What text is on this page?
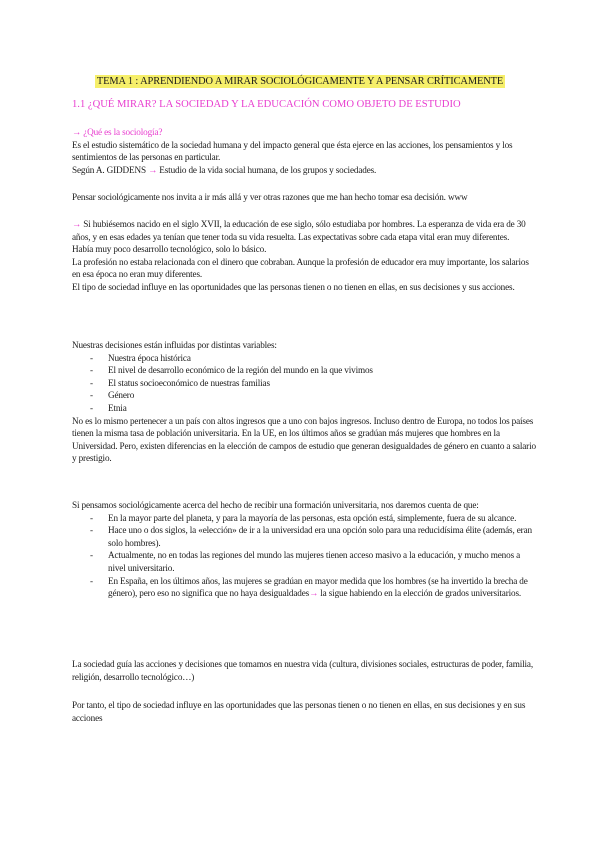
TEMA 1 : APRENDIENDO A MIRAR SOCIOLÓGICAMENTE Y A PENSAR CRÍTICAMENTE
1.1 ¿QUÉ MIRAR? LA SOCIEDAD Y LA EDUCACIÓN COMO OBJETO DE ESTUDIO

→ ¿Qué es la sociología?

Es el estudio sistemático de la sociedad humana y del impacto general que ésta ejerce en las acciones, los pensamientos y los sentimientos de las personas en particular.

Según A. GIDDENS → Estudio de la vida social humana, de los grupos y sociedades.

Pensar sociológicamente nos invita a ir más allá y ver otras razones que me han hecho tomar esa decisión. www

→ Si hubiésemos nacido en el siglo XVII, la educación de ese siglo, sólo estudiaba por hombres. La esperanza de vida era de 30 años, y en esas edades ya tenían que tener toda su vida resuelta. Las expectativas sobre cada etapa vital eran muy diferentes.

Había muy poco desarrollo tecnológico, solo lo básico.

La profesión no estaba relacionada con el dinero que cobraban. Aunque la profesión de educador era muy importante, los salarios en esa época no eran muy diferentes.

El tipo de sociedad influye en las oportunidades que las personas tienen o no tienen en ellas, en sus decisiones y sus acciones.

Nuestras decisiones están influidas por distintas variables:

- Nuestra época histórica
- El nivel de desarrollo económico de la región del mundo en la que vivimos
- El status socioeconómico de nuestras familias
- Género
- Etnia

No es lo mismo pertenecer a un país con altos ingresos que a uno con bajos ingresos. Incluso dentro de Europa, no todos los países tienen la misma tasa de población universitaria. En la UE, en los últimos años se gradúan más mujeres que hombres en la Universidad. Pero, existen diferencias en la elección de campos de estudio que generan desigualdades de género en cuanto a salario y prestigio.

Si pensamos sociológicamente acerca del hecho de recibir una formación universitaria, nos daremos cuenta de que:

- En la mayor parte del planeta, y para la mayoría de las personas, esta opción está, simplemente, fuera de su alcance.
- Hace uno o dos siglos, la «elección» de ir a la universidad era una opción solo para una reducidísima élite (además, eran solo hombres).
- Actualmente, no en todas las regiones del mundo las mujeres tienen acceso masivo a la educación, y mucho menos a nivel universitario.
- En España, en los últimos años, las mujeres se gradúan en mayor medida que los hombres (se ha invertido la brecha de género), pero eso no significa que no haya desigualdades→ la sigue habiendo en la elección de grados universitarios.
La sociedad guía las acciones y decisiones que tomamos en nuestra vida (cultura, divisiones sociales, estructuras de poder, familia, religión, desarrollo tecnológico…)
Por tanto, el tipo de sociedad influye en las oportunidades que las personas tienen o no tienen en ellas, en sus decisiones y en sus acciones
